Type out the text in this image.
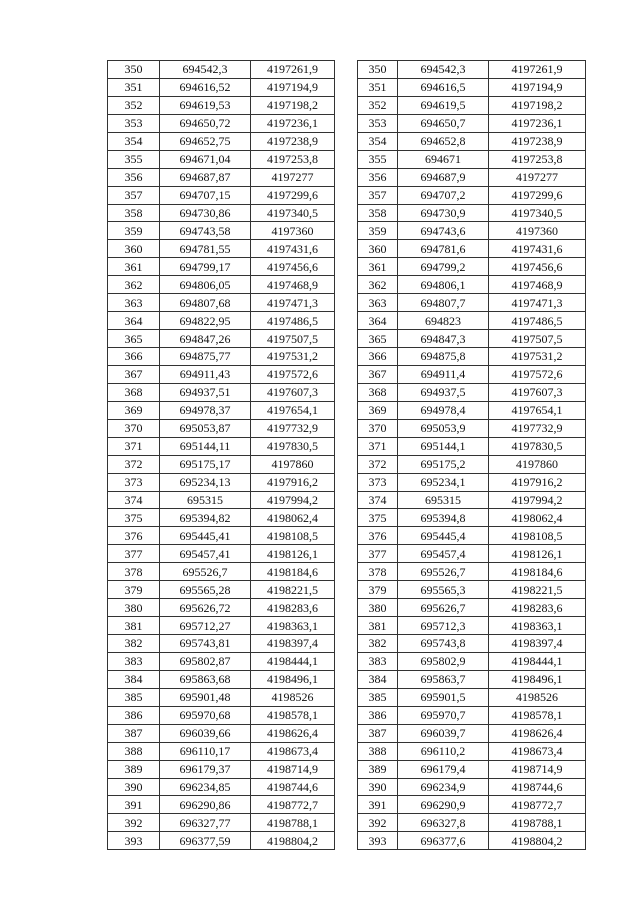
350	694542,3	4197261,9
351	694616,52	4197194,9
352	694619,53	4197198,2
353	694650,72	4197236,1
354	694652,75	4197238,9
355	694671,04	4197253,8
356	694687,87	4197277
357	694707,15	4197299,6
358	694730,86	4197340,5
359	694743,58	4197360
360	694781,55	4197431,6
361	694799,17	4197456,6
362	694806,05	4197468,9
363	694807,68	4197471,3
364	694822,95	4197486,5
365	694847,26	4197507,5
366	694875,77	4197531,2
367	694911,43	4197572,6
368	694937,51	4197607,3
369	694978,37	4197654,1
370	695053,87	4197732,9
371	695144,11	4197830,5
372	695175,17	4197860
373	695234,13	4197916,2
374	695315	4197994,2
375	695394,82	4198062,4
376	695445,41	4198108,5
377	695457,41	4198126,1
378	695526,7	4198184,6
379	695565,28	4198221,5
380	695626,72	4198283,6
381	695712,27	4198363,1
382	695743,81	4198397,4
383	695802,87	4198444,1
384	695863,68	4198496,1
385	695901,48	4198526
386	695970,68	4198578,1
387	696039,66	4198626,4
388	696110,17	4198673,4
389	696179,37	4198714,9
390	696234,85	4198744,6
391	696290,86	4198772,7
392	696327,77	4198788,1
393	696377,59	4198804,2
350	694542,3	4197261,9
351	694616,5	4197194,9
352	694619,5	4197198,2
353	694650,7	4197236,1
354	694652,8	4197238,9
355	694671	4197253,8
356	694687,9	4197277
357	694707,2	4197299,6
358	694730,9	4197340,5
359	694743,6	4197360
360	694781,6	4197431,6
361	694799,2	4197456,6
362	694806,1	4197468,9
363	694807,7	4197471,3
364	694823	4197486,5
365	694847,3	4197507,5
366	694875,8	4197531,2
367	694911,4	4197572,6
368	694937,5	4197607,3
369	694978,4	4197654,1
370	695053,9	4197732,9
371	695144,1	4197830,5
372	695175,2	4197860
373	695234,1	4197916,2
374	695315	4197994,2
375	695394,8	4198062,4
376	695445,4	4198108,5
377	695457,4	4198126,1
378	695526,7	4198184,6
379	695565,3	4198221,5
380	695626,7	4198283,6
381	695712,3	4198363,1
382	695743,8	4198397,4
383	695802,9	4198444,1
384	695863,7	4198496,1
385	695901,5	4198526
386	695970,7	4198578,1
387	696039,7	4198626,4
388	696110,2	4198673,4
389	696179,4	4198714,9
390	696234,9	4198744,6
391	696290,9	4198772,7
392	696327,8	4198788,1
393	696377,6	4198804,2
